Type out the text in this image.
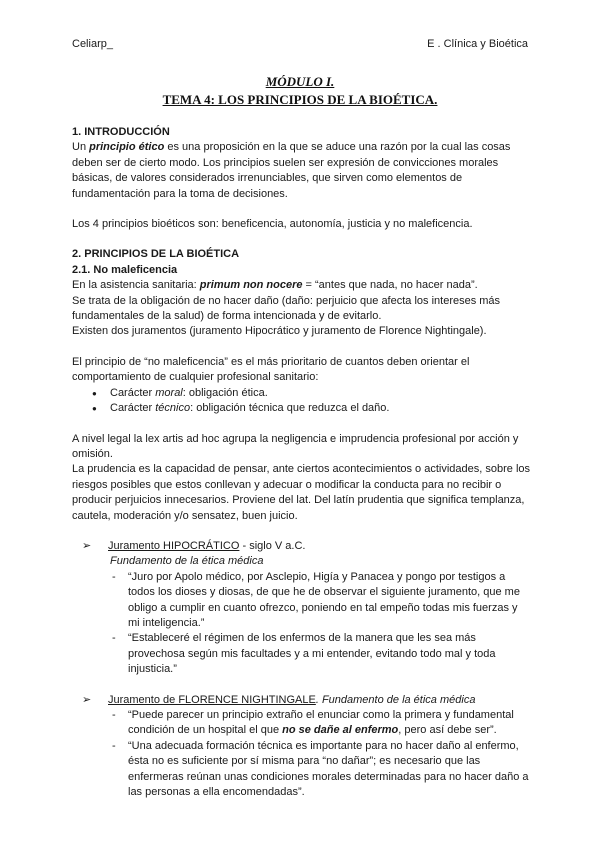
Celiarp_	E . Clínica y Bioética
MÓDULO I.
TEMA 4: LOS PRINCIPIOS DE LA BIOÉTICA.

1. INTRODUCCIÓN

Un principio ético es una proposición en la que se aduce una razón por la cual las cosas deben ser de cierto modo. Los principios suelen ser expresión de convicciones morales básicas, de valores considerados irrenunciables, que sirven como elementos de fundamentación para la toma de decisiones.

Los 4 principios bioéticos son: beneficencia, autonomía, justicia y no maleficencia.

2. PRINCIPIOS DE LA BIOÉTICA

2.1. No maleficencia

En la asistencia sanitaria: primum non nocere = “antes que nada, no hacer nada”.

Se trata de la obligación de no hacer daño (daño: perjuicio que afecta los intereses más fundamentales de la salud) de forma intencionada y de evitarlo.

Existen dos juramentos (juramento Hipocrático y juramento de Florence Nightingale).

El principio de “no maleficencia” es el más prioritario de cuantos deben orientar el comportamiento de cualquier profesional sanitario:

● Carácter moral: obligación ética.
● Carácter técnico: obligación técnica que reduzca el daño.

A nivel legal la lex artis ad hoc agrupa la negligencia e imprudencia profesional por acción y omisión.

La prudencia es la capacidad de pensar, ante ciertos acontecimientos o actividades, sobre los riesgos posibles que estos conllevan y adecuar o modificar la conducta para no recibir o producir perjuicios innecesarios. Proviene del lat. Del latín prudentia que significa templanza, cautela, moderación y/o sensatez, buen juicio.

➢ Juramento HIPOCRÁTICO - siglo V a.C.

Fundamento de la ética médica

- “Juro por Apolo médico, por Asclepio, Higía y Panacea y pongo por testigos a todos los dioses y diosas, de que he de observar el siguiente juramento, que me obligo a cumplir en cuanto ofrezco, poniendo en tal empeño todas mis fuerzas y mi inteligencia.”
- “Estableceré el régimen de los enfermos de la manera que les sea más provechosa según mis facultades y a mi entender, evitando todo mal y toda injusticia.”
➢ Juramento de FLORENCE NIGHTINGALE. Fundamento de la ética médica
- “Puede parecer un principio extraño el enunciar como la primera y fundamental condición de un hospital el que no se dañe al enfermo, pero así debe ser”.
- “Una adecuada formación técnica es importante para no hacer daño al enfermo, ésta no es suficiente por sí misma para “no dañar”; es necesario que las enfermeras reúnan unas condiciones morales determinadas para no hacer daño a las personas a ella encomendadas”.
